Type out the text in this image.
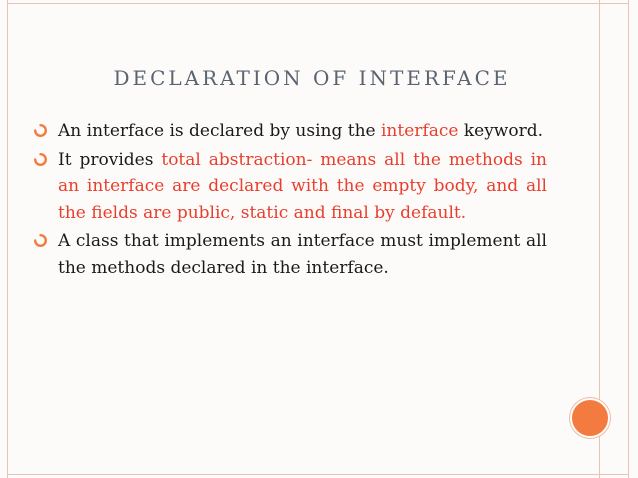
DECLARATION OF INTERFACE
An interface is declared by using the interface keyword.
It provides total abstraction- means all the methods in an interface are declared with the empty body, and all the fields are public, static and final by default.
A class that implements an interface must implement all the methods declared in the interface.
